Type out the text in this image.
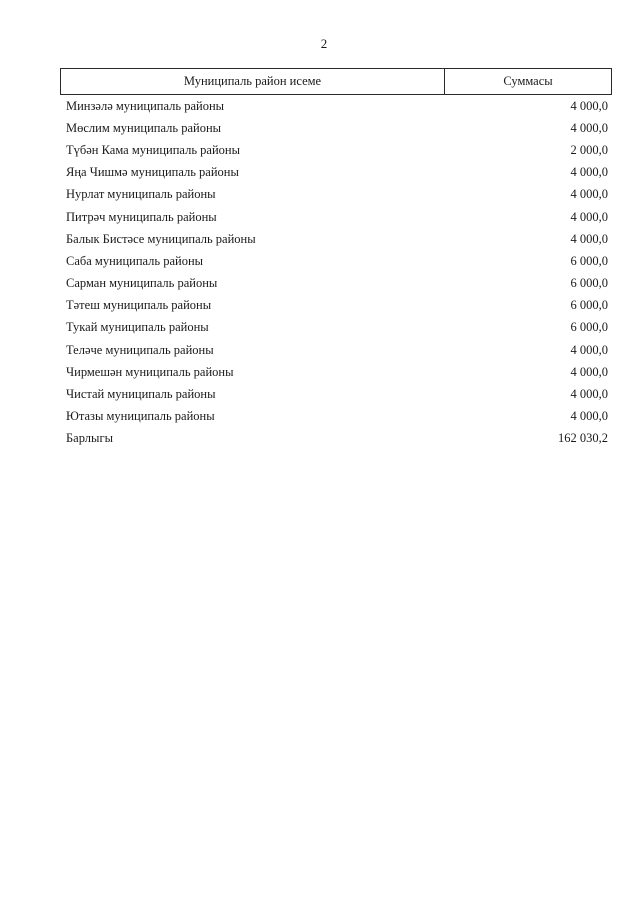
2
Муниципаль район исеме	Суммасы
Минзәлә муниципаль районы	4 000,0
Мөслим муниципаль районы	4 000,0
Түбән Кама муниципаль районы	2 000,0
Яңа Чишмә муниципаль районы	4 000,0
Нурлат муниципаль районы	4 000,0
Питрәч муниципаль районы	4 000,0
Балык Бистәсе муниципаль районы	4 000,0
Саба муниципаль районы	6 000,0
Сарман муниципаль районы	6 000,0
Тәтеш муниципаль районы	6 000,0
Тукай муниципаль районы	6 000,0
Теләче муниципаль районы	4 000,0
Чирмешән муниципаль районы	4 000,0
Чистай муниципаль районы	4 000,0
Ютазы муниципаль районы	4 000,0
Барлыгы	162 030,2
